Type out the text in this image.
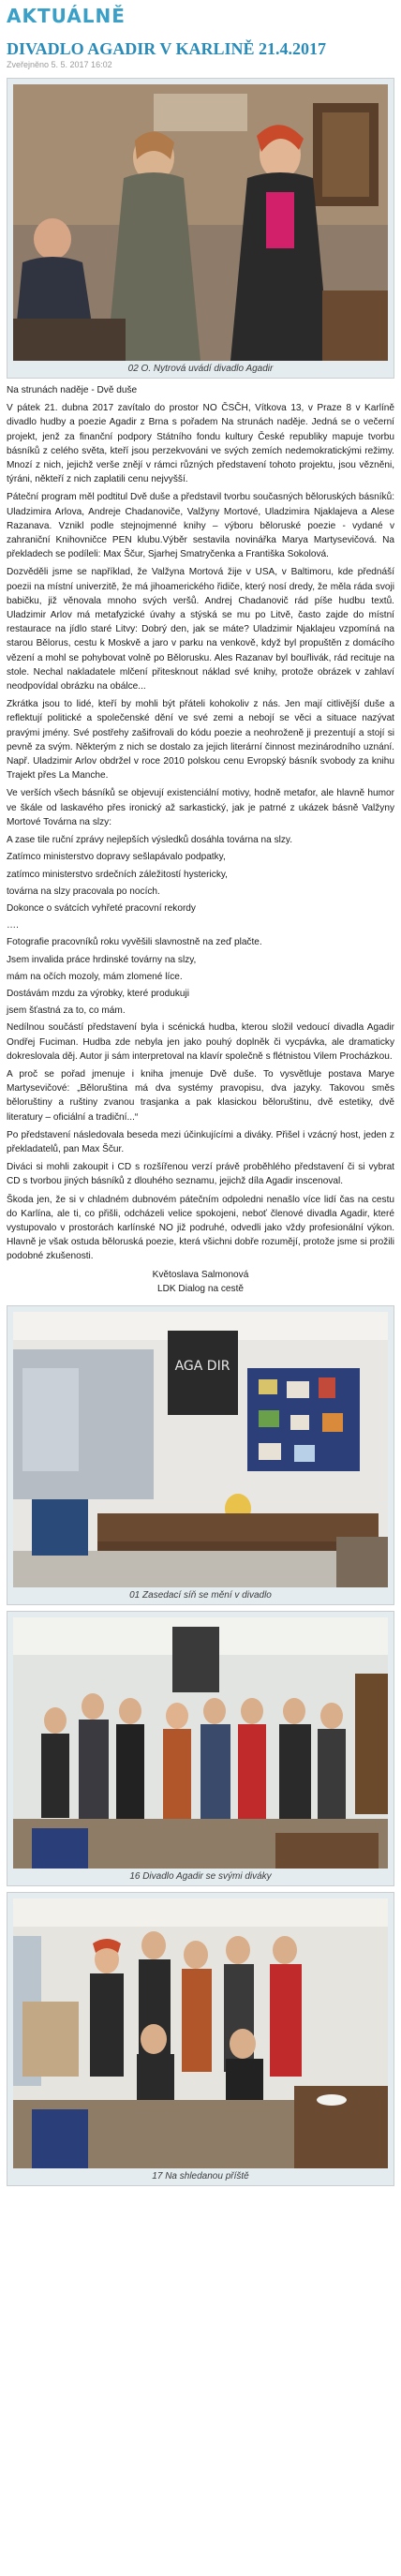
AKTUÁLNĚ
DIVADLO AGADIR V KARLINĚ 21.4.2017
Zveřejněno 5. 5. 2017 16:02
02 O. Nytrová uvádí divadlo Agadir

Na strunách naděje - Dvě duše

V pátek 21. dubna 2017 zavítalo do prostor NO ČSČH, Vítkova 13, v Praze 8 v Karlíně divadlo hudby a poezie Agadir z Brna s pořadem Na strunách naděje. Jedná se o večerní projekt, jenž za finanční podpory Státního fondu kultury České republiky mapuje tvorbu básníků z celého světa, kteří jsou perzekvováni ve svých zemích nedemokratickými režimy. Mnozí z nich, jejichž verše znějí v rámci různých představení tohoto projektu, jsou vězněni, týráni, někteří z nich zaplatili cenu nejvyšší.

Páteční program měl podtitul Dvě duše a představil tvorbu současných běloruských básníků: Uladzimira Arlova, Andreje Chadanoviče, Valžyny Mortové, Uladzimira Njaklajeva a Alese Razanava. Vznikl podle stejnojmenné knihy – výboru běloruské poezie - vydané v zahraniční Knihovničce PEN klubu.Výběr sestavila novinářka Marya Martysevičová. Na překladech se podíleli: Max Ščur, Sjarhej Smatryčenka a Františka Sokolová.

Dozvěděli jsme se například, že Valžyna Mortová žije v USA, v Baltimoru, kde přednáší poezii na místní univerzitě, že má jihoamerického řidiče, který nosí dredy, že měla ráda svoji babičku, již věnovala mnoho svých veršů. Andrej Chadanovič rád píše hudbu textů. Uladzimir Arlov má metafyzické úvahy a stýská se mu po Litvě, často zajde do místní restaurace na jídlo staré Litvy: Dobrý den, jak se máte? Uladzimir Njaklajeu vzpomíná na starou Bělorus, cestu k Moskvě a jaro v parku na venkově, když byl propuštěn z domácího vězení a mohl se pohybovat volně po Bělorusku. Ales Razanav byl bouřlivák, rád recituje na stole. Nechal nakladatele mlčení přitesknout náklad své knihy, protože obrázek v zahlaví neodpovídal obrázku na obálce...

Zkrátka jsou to lidé, kteří by mohli být přáteli kohokoliv z nás. Jen mají citlivější duše a reflektují politické a společenské dění ve své zemi a nebojí se věci a situace nazývat pravými jmény. Své postřehy zašifrovali do kódu poezie a neohroženě ji prezentují a stojí si pevně za svým. Některým z nich se dostalo za jejich literární činnost mezinárodního uznání. Např. Uladzimir Arlov obdržel v roce 2010 polskou cenu Evropský básník svobody za knihu Trajekt přes La Manche.

Ve verších všech básníků se objevují existenciální motivy, hodně metafor, ale hlavně humor ve škále od laskavého přes ironický až sarkastický, jak je patrné z ukázek básně Valžyny Mortové Továrna na slzy:

A zase tile ruční zprávy nejlepších výsledků dosáhla továrna na slzy.

Zatímco ministerstvo dopravy sešlapávalo podpatky,

zatímco ministerstvo srdečních záležitostí hystericky,

továrna na slzy pracovala po nocích.

Dokonce o svátcích vyhřeté pracovní rekordy

….

Fotografie pracovníků roku vyvěšili slavnostně na zeď plačte.

Jsem invalida práce hrdinské továrny na slzy,

mám na očích mozoly, mám zlomené líce.

Dostávám mzdu za výrobky, které produkuji

jsem šťastná za to, co mám.

Nedílnou součástí představení byla i scénická hudba, kterou složil vedoucí divadla Agadir Ondřej Fuciman. Hudba zde nebyla jen jako pouhý doplněk či vycpávka, ale dramaticky dokreslovala děj. Autor ji sám interpretoval na klavír společně s flétnistou Vilem Procházkou.

A proč se pořad jmenuje i kniha jmenuje Dvě duše. To vysvětluje postava Marye Martysevičové: „Běloruština má dva systémy pravopisu, dva jazyky. Takovou směs běloruštiny a ruštiny zvanou trasjanka a pak klasickou běloruštinu, dvě estetiky, dvě literatury – oficiální a tradiční...“

Po představení následovala beseda mezi účinkujícími a diváky. Přišel i vzácný host, jeden z překladatelů, pan Max Ščur.

Diváci si mohli zakoupit i CD s rozšířenou verzí právě proběhlého představení či si vybrat CD s tvorbou jiných básníků z dlouhého seznamu, jejichž díla Agadir inscenoval.

Škoda jen, že si v chladném dubnovém pátečním odpoledni nenašlo více lidí čas na cestu do Karlína, ale ti, co přišli, odcházeli velice spokojeni, neboť členové divadla Agadir, které vystupovalo v prostorách karlínské NO již podruhé, odvedli jako vždy profesionální výkon. Hlavně je však ostuda běloruská poezie, která všichni dobře rozumějí, protože jsme si prožili podobné zkušenosti.

Květoslava Salmonová

LDK Dialog na cestě

AGA DIR
01 Zasedací síň se mění v divadlo
16 Divadlo Agadir se svými diváky
17 Na shledanou příště
